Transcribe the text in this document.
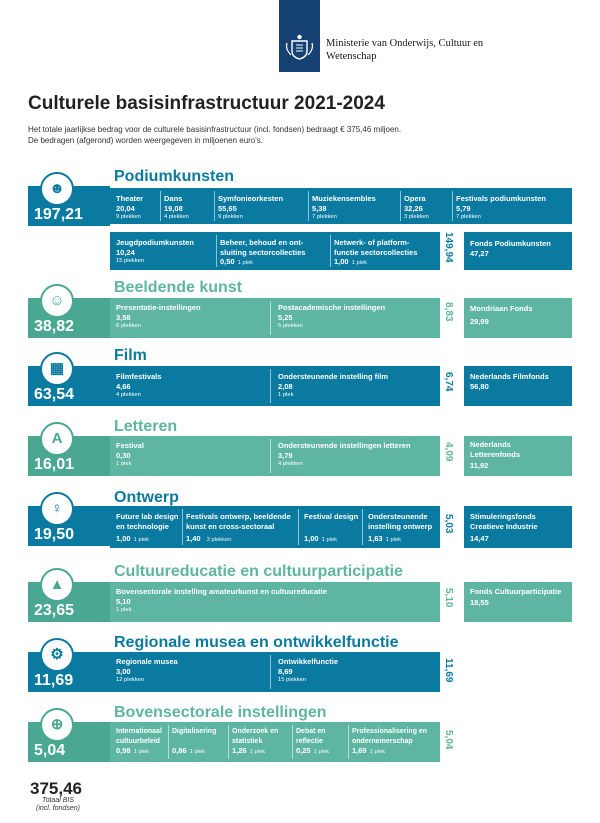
Ministerie van Onderwijs, Cultuur en
Wetenschap
Culturele basisinfrastructuur 2021-2024
Het totale jaarlijkse bedrag voor de culturele basisinfrastructuur (incl. fondsen) bedraagt € 375,46 miljoen.
De bedragen (afgerond) worden weergegeven in miljoenen euro's.
Podiumkunsten
☻
197,21
Theater
20,04
9 plekken
Dans
19,08
4 plekken
Symfonieorkesten
55,65
9 plekken
Muziekensembles
5,38
7 plekken
Opera
32,26
3 plekken
Festivals podiumkunsten
5,79
7 plekken
Jeugdpodiumkunsten
10,24
15 plekken
Beheer, behoud en ont-
sluiting sectorcollecties
0,50 1 plek
Netwerk- of platform-
functie sectorcollecties
1,00 1 plek
149,94 Fonds Podiumkunsten
47,27
Beeldende kunst
☺
38,82
Presentatie-instellingen
3,58
6 plekken
Postacademische instellingen
5,25
5 plekken
8,83 Mondriaan Fonds
29,99
Film
▦
63,54
Filmfestivals
4,66
4 plekken
Ondersteunende instelling film
2,08
1 plek
6,74 Nederlands Filmfonds
56,80
Letteren
A
16,01
Festival
0,30
1 plek
Ondersteunende instellingen letteren
3,79
4 plekken
4,09 Nederlands
Letterenfonds
11,92
Ontwerp
♀
19,50
Future lab design
en technologie
1,00 1 plek
Festivals ontwerp, beeldende
kunst en cross-sectoraal
1,40 3 plekken
Festival design
1,00 1 plek
Ondersteunende
instelling ontwerp
1,63 1 plek
5,03 Stimuleringsfonds
Creatieve Industrie
14,47
Cultuureducatie en cultuurparticipatie
▲
23,65
Bovensectorale instelling amateurkunst en cultuureducatie
5,10
1 plek
5,10 Fonds Cultuurparticipatie
18,55
Regionale musea en ontwikkelfunctie
⚙
11,69
Regionale musea
3,00
12 plekken
Ontwikkelfunctie
8,69
15 plekken	11,69
Bovensectorale instellingen
⊕
5,04
Internationaal
cultuurbeleid
0,98 1 plek
Digitalisering
0,86 1 plek
Onderzoek en
statistiek
1,26 1 plek
Debat en
reflectie
0,25 1 plek
Professionalisering en
ondernemerschap
1,69 1 plek
5,04
375,46
Totaal BIS
(incl. fondsen)
